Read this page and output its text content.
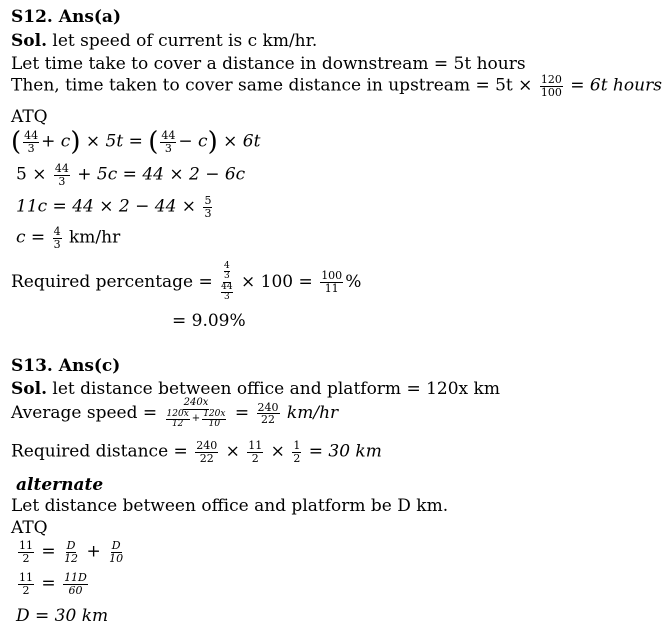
S12. Ans(a)
Sol. let speed of current is c km/hr.
Let time take to cover a distance in downstream = 5t hours
Then, time taken to cover same distance in upstream = $5t \times \frac{120}{100} = 6t$ hours
ATQ
( $\frac{44}{3} + c) \times 5t$ = ( $\frac{44}{3} - c) \times 6t$
$5 \times \frac{44}{3} + 5c = 44 \times 2 - 6c$
$11c = 44 \times 2 - 44 \times \frac{5}{3}$
$c = \frac{4}{3} km/hr$
Required percentage = 4
3
44
$3 \times 100 = \frac{100}{11}$ %
= 9.09%
S13. Ans(c)
Sol. let distance between office and platform = 120x km
Average speed = $\frac{240x}{\frac{120x}{12} + \frac{120x}{10}} = \frac{240}{22} km/hr$
Required distance = $\frac{240}{22} \times \frac{11}{2} \times \frac{1}{2} = 30$ km
alternate
Let distance between office and platform be D km.
ATQ
$\frac{11}{2} = \frac{D}{12} + \frac{D}{10}$
$\frac{11}{2} = \frac{11D}{60}$
D = 30 km
